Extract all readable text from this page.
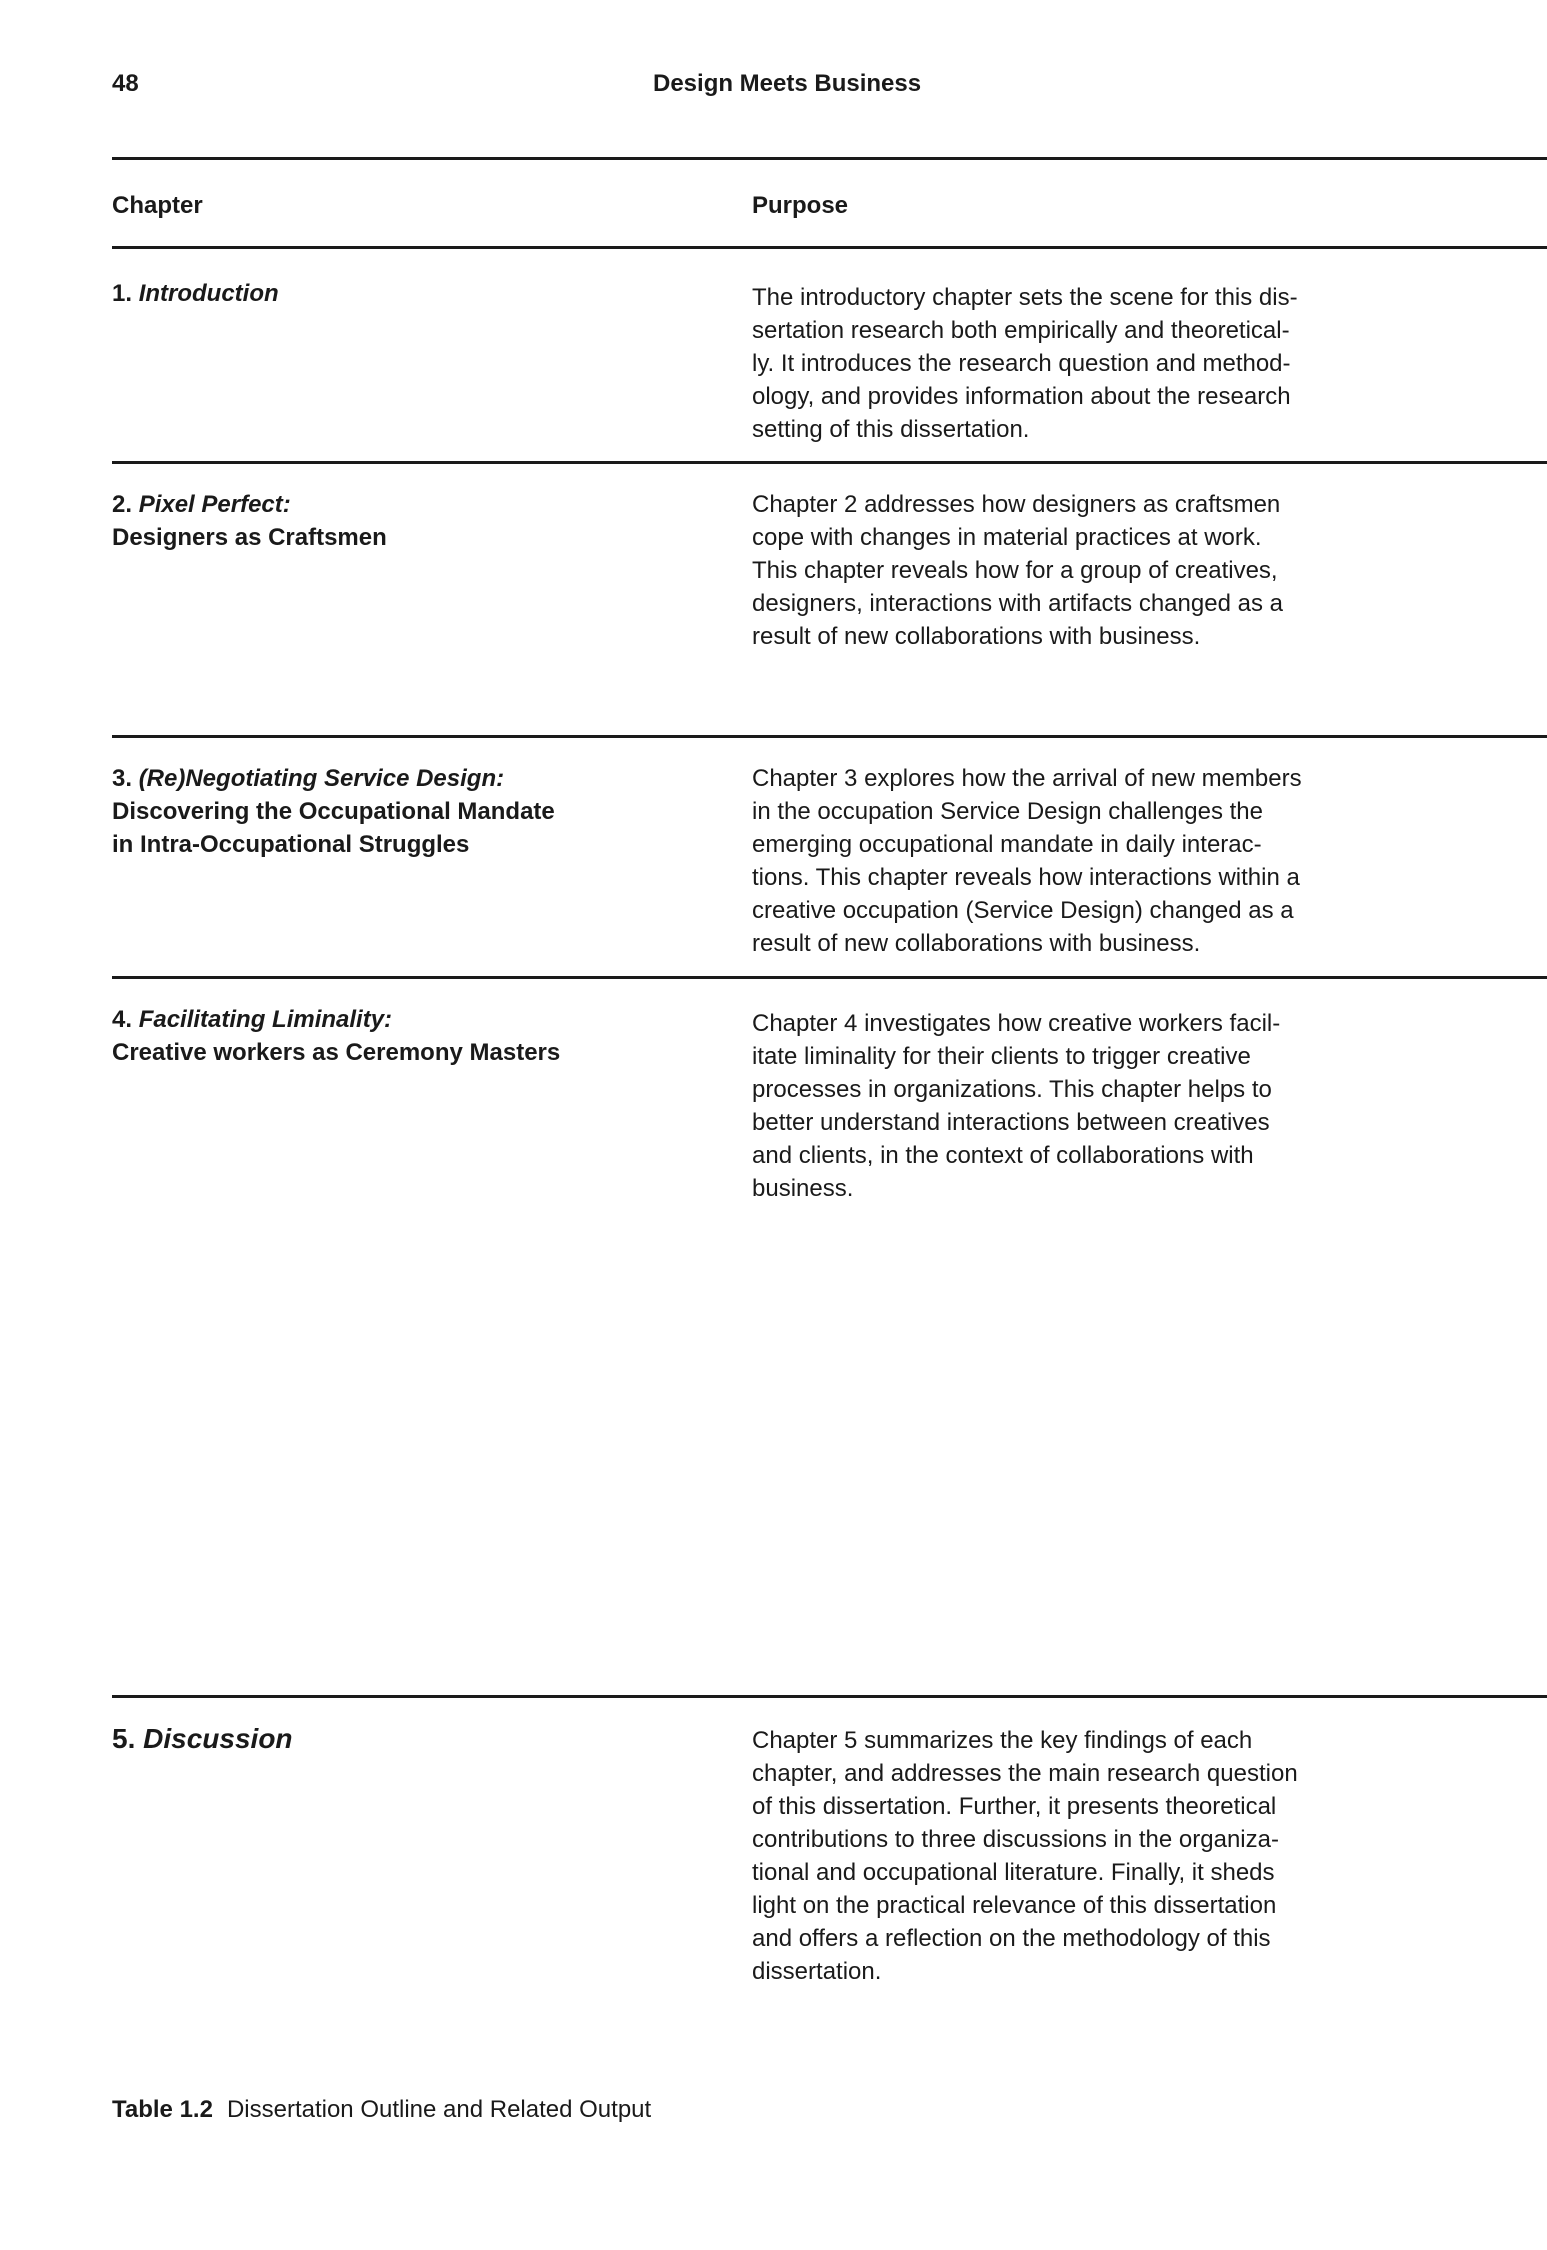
48	Design Meets Business
Chapter	Purpose
1. Introduction	The introductory chapter sets the scene for this dis-
sertation research both empirically and theoretical-
ly. It introduces the research question and method-
ology, and provides information about the research
setting of this dissertation.
2. Pixel Perfect:
Designers as Craftsmen
Chapter 2 addresses how designers as craftsmen
cope with changes in material practices at work.
This chapter reveals how for a group of creatives,
designers, interactions with artifacts changed as a
result of new collaborations with business.
3. (Re)Negotiating Service Design:
Discovering the Occupational Mandate
in Intra-Occupational Struggles
Chapter 3 explores how the arrival of new members
in the occupation Service Design challenges the
emerging occupational mandate in daily interac-
tions. This chapter reveals how interactions within a
creative occupation (Service Design) changed as a
result of new collaborations with business.
4. Facilitating Liminality:
Creative workers as Ceremony Masters
Chapter 4 investigates how creative workers facil-
itate liminality for their clients to trigger creative
processes in organizations. This chapter helps to
better understand interactions between creatives
and clients, in the context of collaborations with
business.
5. Discussion	Chapter 5 summarizes the key findings of each
chapter, and addresses the main research question
of this dissertation. Further, it presents theoretical
contributions to three discussions in the organiza-
tional and occupational literature. Finally, it sheds
light on the practical relevance of this dissertation
and offers a reflection on the methodology of this
dissertation.
Table 1.2 Dissertation Outline and Related Output
